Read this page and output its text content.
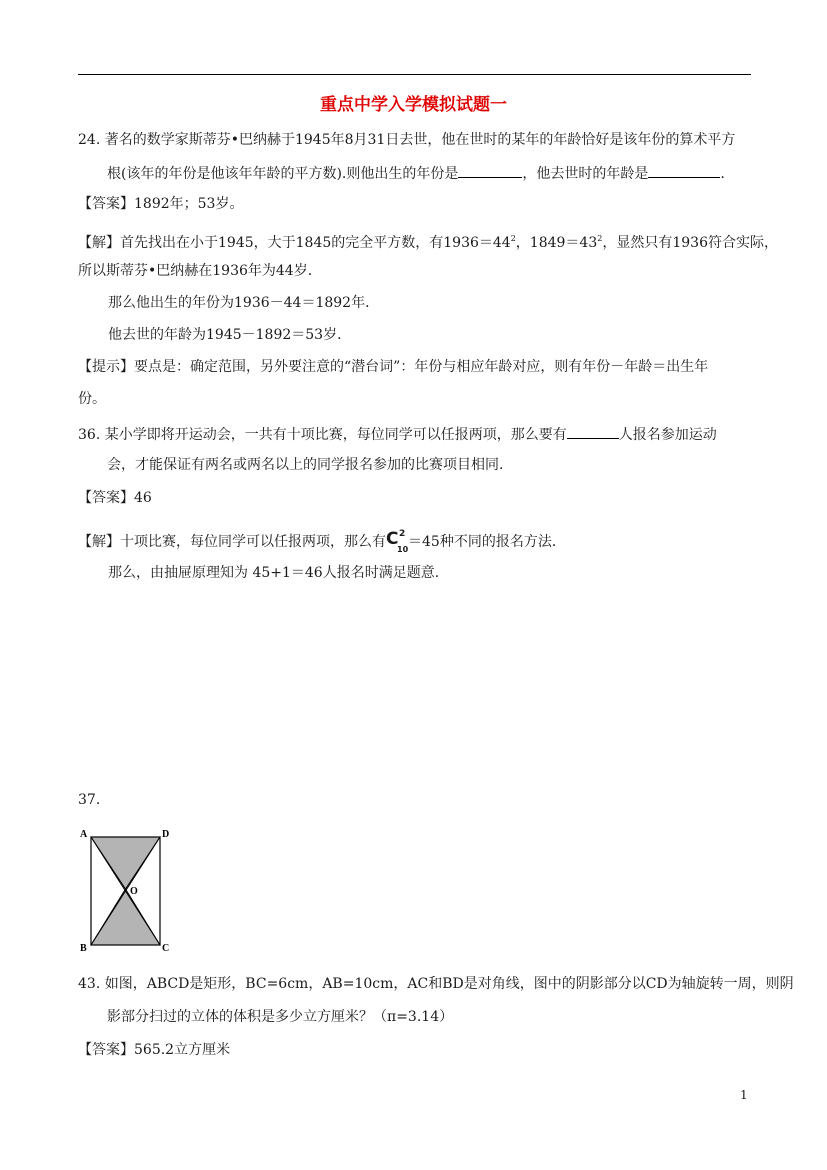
重点中学入学模拟试题一
24. 著名的数学家斯蒂芬•巴纳赫于1945年8月31日去世，他在世时的某年的年龄恰好是该年份的算术平方
根(该年的年份是他该年年龄的平方数).则他出生的年份是	，他去世时的年龄是	.
【答案】1892年；53岁。
【解】首先找出在小于1945，大于1845的完全平方数，有$1936=44^2$，$1849=43^2$，显然只有1936符合实际，
所以斯蒂芬•巴纳赫在1936年为44岁．
那么他出生的年份为1936－44＝1892年．
他去世的年龄为1945－1892＝53岁．
【提示】要点是：确定范围，另外要注意的“潜台词”：年份与相应年龄对应，则有年份－年龄＝出生年
份。
36. 某小学即将开运动会，一共有十项比赛，每位同学可以任报两项，那么要有	人报名参加运动
会，才能保证有两名或两名以上的同学报名参加的比赛项目相同.
【答案】46
【解】十项比赛，每位同学可以任报两项，那么有 C 2
10 ＝45种不同的报名方法．
那么，由抽屉原理知为 45+1＝46人报名时满足题意．
37.
A	D
O
B	C
43. 如图，ABCD是矩形，BC=6cm，AB=10cm，AC和BD是对角线，图中的阴影部分以CD为轴旋转一周，则阴
影部分扫过的立体的体积是多少立方厘米？（π=3.14）
【答案】565.2立方厘米
1
